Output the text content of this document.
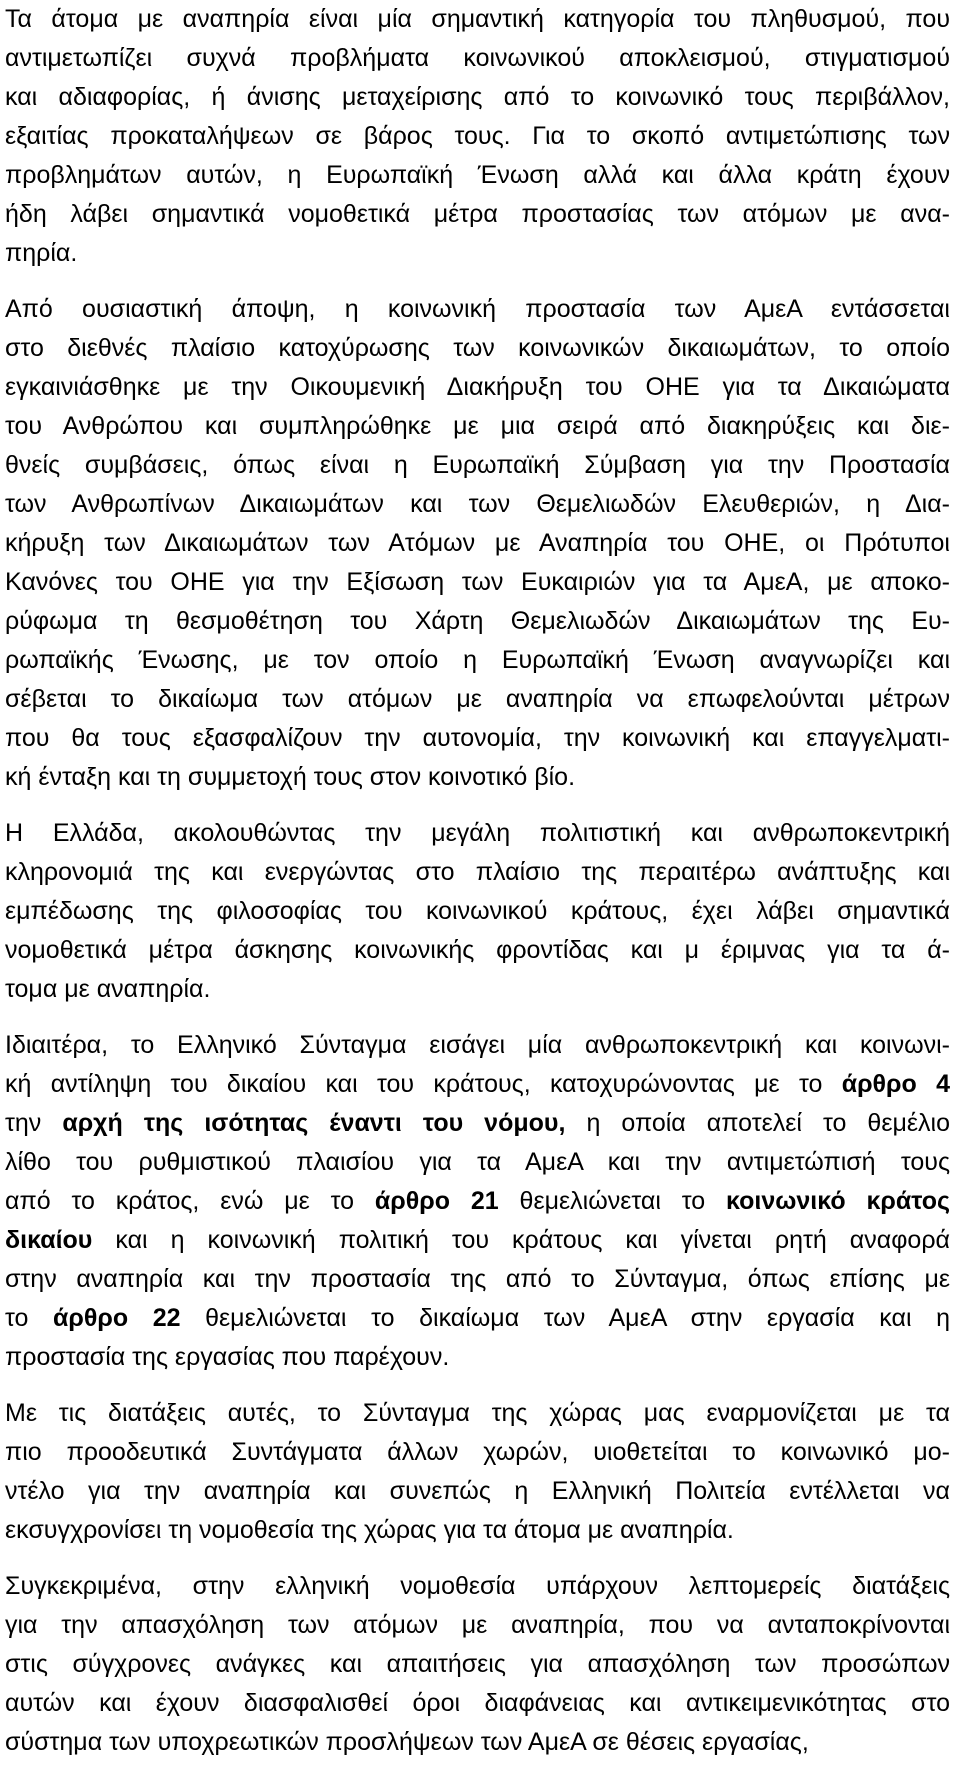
Τα άτομα με αναπηρία είναι μία σημαντική κατηγορία του πληθυσμού, που
αντιμετωπίζει συχνά προβλήματα κοινωνικού αποκλεισμού, στιγματισμού
και αδιαφορίας, ή άνισης μεταχείρισης από το κοινωνικό τους περιβάλλον,
εξαιτίας προκαταλήψεων σε βάρος τους. Για το σκοπό αντιμετώπισης των
προβλημάτων αυτών, η Ευρωπαϊκή Ένωση αλλά και άλλα κράτη έχουν
ήδη λάβει σημαντικά νομοθετικά μέτρα προστασίας των ατόμων με ανα-
πηρία.
Από ουσιαστική άποψη, η κοινωνική προστασία των ΑμεΑ εντάσσεται
στο διεθνές πλαίσιο κατοχύρωσης των κοινωνικών δικαιωμάτων, το οποίο
εγκαινιάσθηκε με την Οικουμενική Διακήρυξη του ΟΗΕ για τα Δικαιώματα
του Ανθρώπου και συμπληρώθηκε με μια σειρά από διακηρύξεις και διε-
θνείς συμβάσεις, όπως είναι η Ευρωπαϊκή Σύμβαση για την Προστασία
των Ανθρωπίνων Δικαιωμάτων και των Θεμελιωδών Ελευθεριών, η Δια-
κήρυξη των Δικαιωμάτων των Ατόμων με Αναπηρία του ΟΗΕ, οι Πρότυποι
Κανόνες του ΟΗΕ για την Εξίσωση των Ευκαιριών για τα ΑμεΑ, με αποκο-
ρύφωμα τη θεσμοθέτηση του Χάρτη Θεμελιωδών Δικαιωμάτων της Ευ-
ρωπαϊκής Ένωσης, με τον οποίο η Ευρωπαϊκή Ένωση αναγνωρίζει και
σέβεται το δικαίωμα των ατόμων με αναπηρία να επωφελούνται μέτρων
που θα τους εξασφαλίζουν την αυτονομία, την κοινωνική και επαγγελματι-
κή ένταξη και τη συμμετοχή τους στον κοινοτικό βίο.
Η Ελλάδα, ακολουθώντας την μεγάλη πολιτιστική και ανθρωποκεντρική
κληρονομιά της και ενεργώντας στο πλαίσιο της περαιτέρω ανάπτυξης και
εμπέδωσης της φιλοσοφίας του κοινωνικού κράτους, έχει λάβει σημαντικά
νομοθετικά μέτρα άσκησης κοινωνικής φροντίδας και μ έριμνας για τα ά-
τομα με αναπηρία.
Ιδιαιτέρα, το Ελληνικό Σύνταγμα εισάγει μία ανθρωποκεντρική και κοινωνι-
κή αντίληψη του δικαίου και του κράτους, κατοχυρώνοντας με το άρθρο 4
την αρχή της ισότητας έναντι του νόμου, η οποία αποτελεί το θεμέλιο
λίθο του ρυθμιστικού πλαισίου για τα ΑμεΑ και την αντιμετώπισή τους
από το κράτος, ενώ με το άρθρο 21 θεμελιώνεται το κοινωνικό κράτος
δικαίου και η κοινωνική πολιτική του κράτους και γίνεται ρητή αναφορά
στην αναπηρία και την προστασία της από το Σύνταγμα, όπως επίσης με
το άρθρο 22 θεμελιώνεται το δικαίωμα των ΑμεΑ στην εργασία και η
προστασία της εργασίας που παρέχουν.
Με τις διατάξεις αυτές, το Σύνταγμα της χώρας μας εναρμονίζεται με τα
πιο προοδευτικά Συντάγματα άλλων χωρών, υιοθετείται το κοινωνικό μο-
ντέλο για την αναπηρία και συνεπώς η Ελληνική Πολιτεία εντέλλεται να
εκσυγχρονίσει τη νομοθεσία της χώρας για τα άτομα με αναπηρία.
Συγκεκριμένα, στην ελληνική νομοθεσία υπάρχουν λεπτομερείς διατάξεις
για την απασχόληση των ατόμων με αναπηρία, που να ανταποκρίνονται
στις σύγχρονες ανάγκες και απαιτήσεις για απασχόληση των προσώπων
αυτών και έχουν διασφαλισθεί όροι διαφάνειας και αντικειμενικότητας στο
σύστημα των υποχρεωτικών προσλήψεων των ΑμεΑ σε θέσεις εργασίας,
